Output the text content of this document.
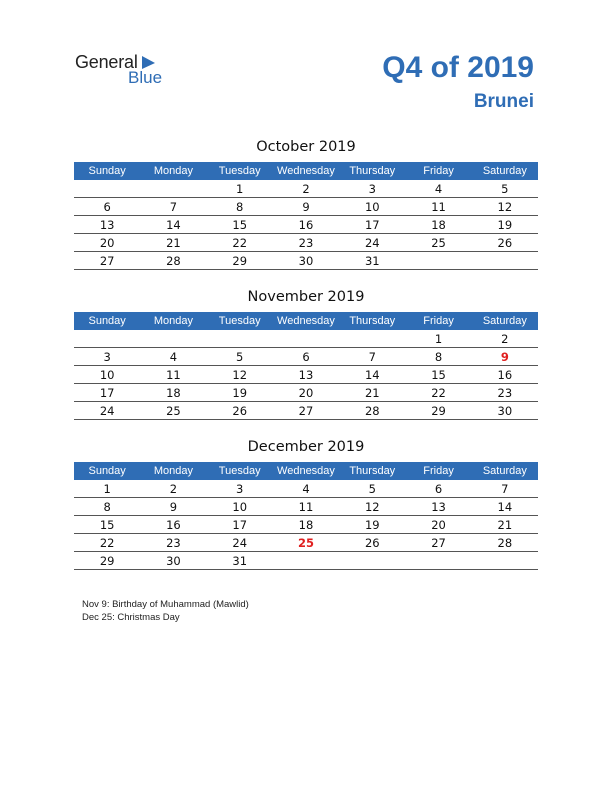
General
Blue	Q4 of 2019
Brunei
October 2019
Sunday	Monday	Tuesday	Wednesday	Thursday	Friday	Saturday
		1	2	3	4	5
6	7	8	9	10	11	12
13	14	15	16	17	18	19
20	21	22	23	24	25	26
27	28	29	30	31		
November 2019
Sunday	Monday	Tuesday	Wednesday	Thursday	Friday	Saturday
					1	2
3	4	5	6	7	8	9
10	11	12	13	14	15	16
17	18	19	20	21	22	23
24	25	26	27	28	29	30
December 2019
Sunday	Monday	Tuesday	Wednesday	Thursday	Friday	Saturday
1	2	3	4	5	6	7
8	9	10	11	12	13	14
15	16	17	18	19	20	21
22	23	24	25	26	27	28
29	30	31				
Nov 9: Birthday of Muhammad (Mawlid)
Dec 25: Christmas Day
